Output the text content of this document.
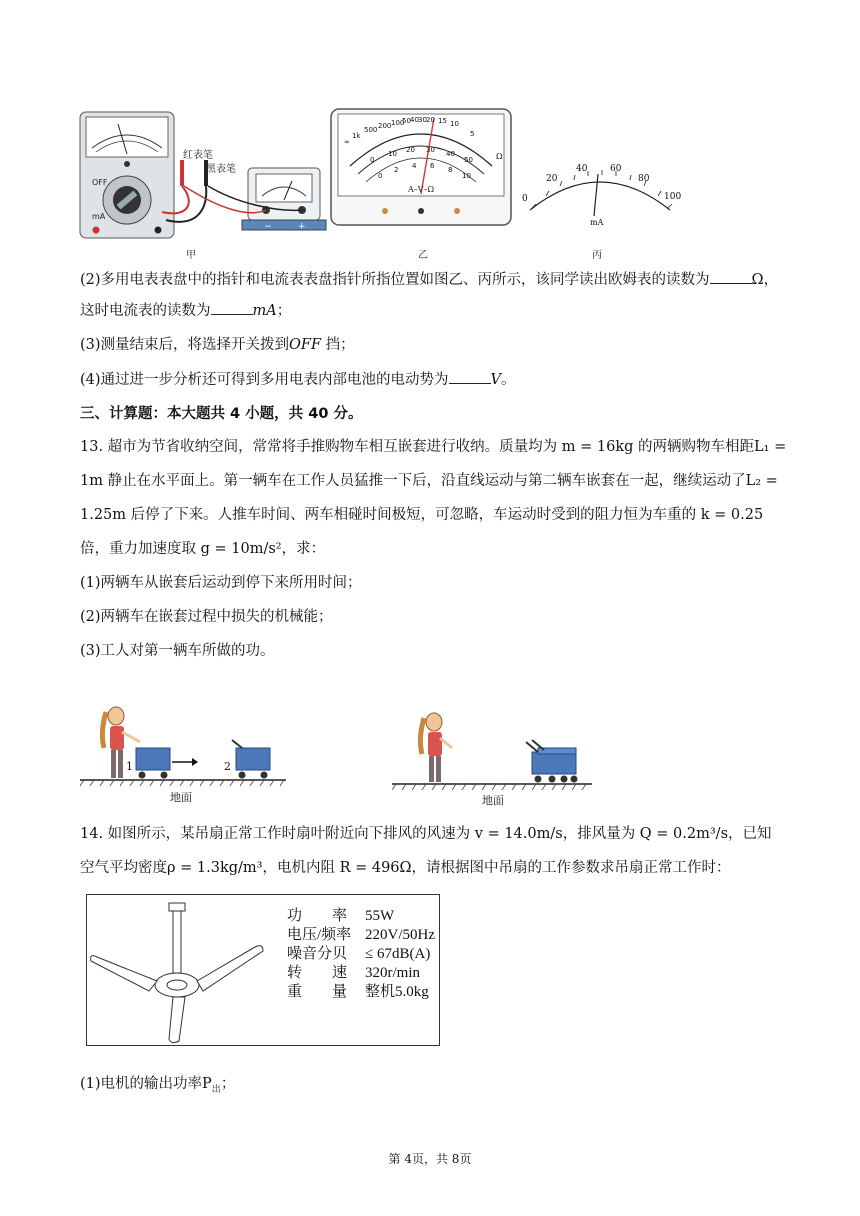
−	+
红表笔
黑表笔
OFF
mA
甲
A–V–Ω
∞
1k
500 200 100
50 40 30 20 15 10
5
0
10 20 30 40
50
0
2 4 6 8
10
Ω
乙
0
20
40	60
80
100
mA
丙
(2)多用电表表盘中的指针和电流表表盘指针所指位置如图乙、丙所示，该同学读出欧姆表的读数为	Ω，
这时电流表的读数为	mA；
(3)测量结束后，将选择开关拨到OFF 挡；
(4)通过进一步分析还可得到多用电表内部电池的电动势为	V。
三、计算题：本大题共 4 小题，共 40 分。
13. 超市为节省收纳空间，常常将手推购物车相互嵌套进行收纳。质量均为 m = 16kg 的两辆购物车相距L₁ =
1m 静止在水平面上。第一辆车在工作人员猛推一下后，沿直线运动与第二辆车嵌套在一起，继续运动了L₂ =
1.25m 后停了下来。人推车时间、两车相碰时间极短，可忽略，车运动时受到的阻力恒为车重的 k = 0.25
倍，重力加速度取 g = 10m/s²，求：
(1)两辆车从嵌套后运动到停下来所用时间；
(2)两辆车在嵌套过程中损失的机械能；
(3)工人对第一辆车所做的功。
1	2
地面	地面
14. 如图所示，某吊扇正常工作时扇叶附近向下排风的风速为 v = 14.0m/s，排风量为 Q = 0.2m³/s，已知
空气平均密度ρ = 1.3kg/m³，电机内阻 R = 496Ω，请根据图中吊扇的工作参数求吊扇正常工作时：
功　　率 55W
电压/频率 220V/50Hz
噪音分贝 ≤ 67dB(A)
转　　速 320r/min
重　　量 整机5.0kg
(1)电机的输出功率$P_出$；
第 4页，共 8页
